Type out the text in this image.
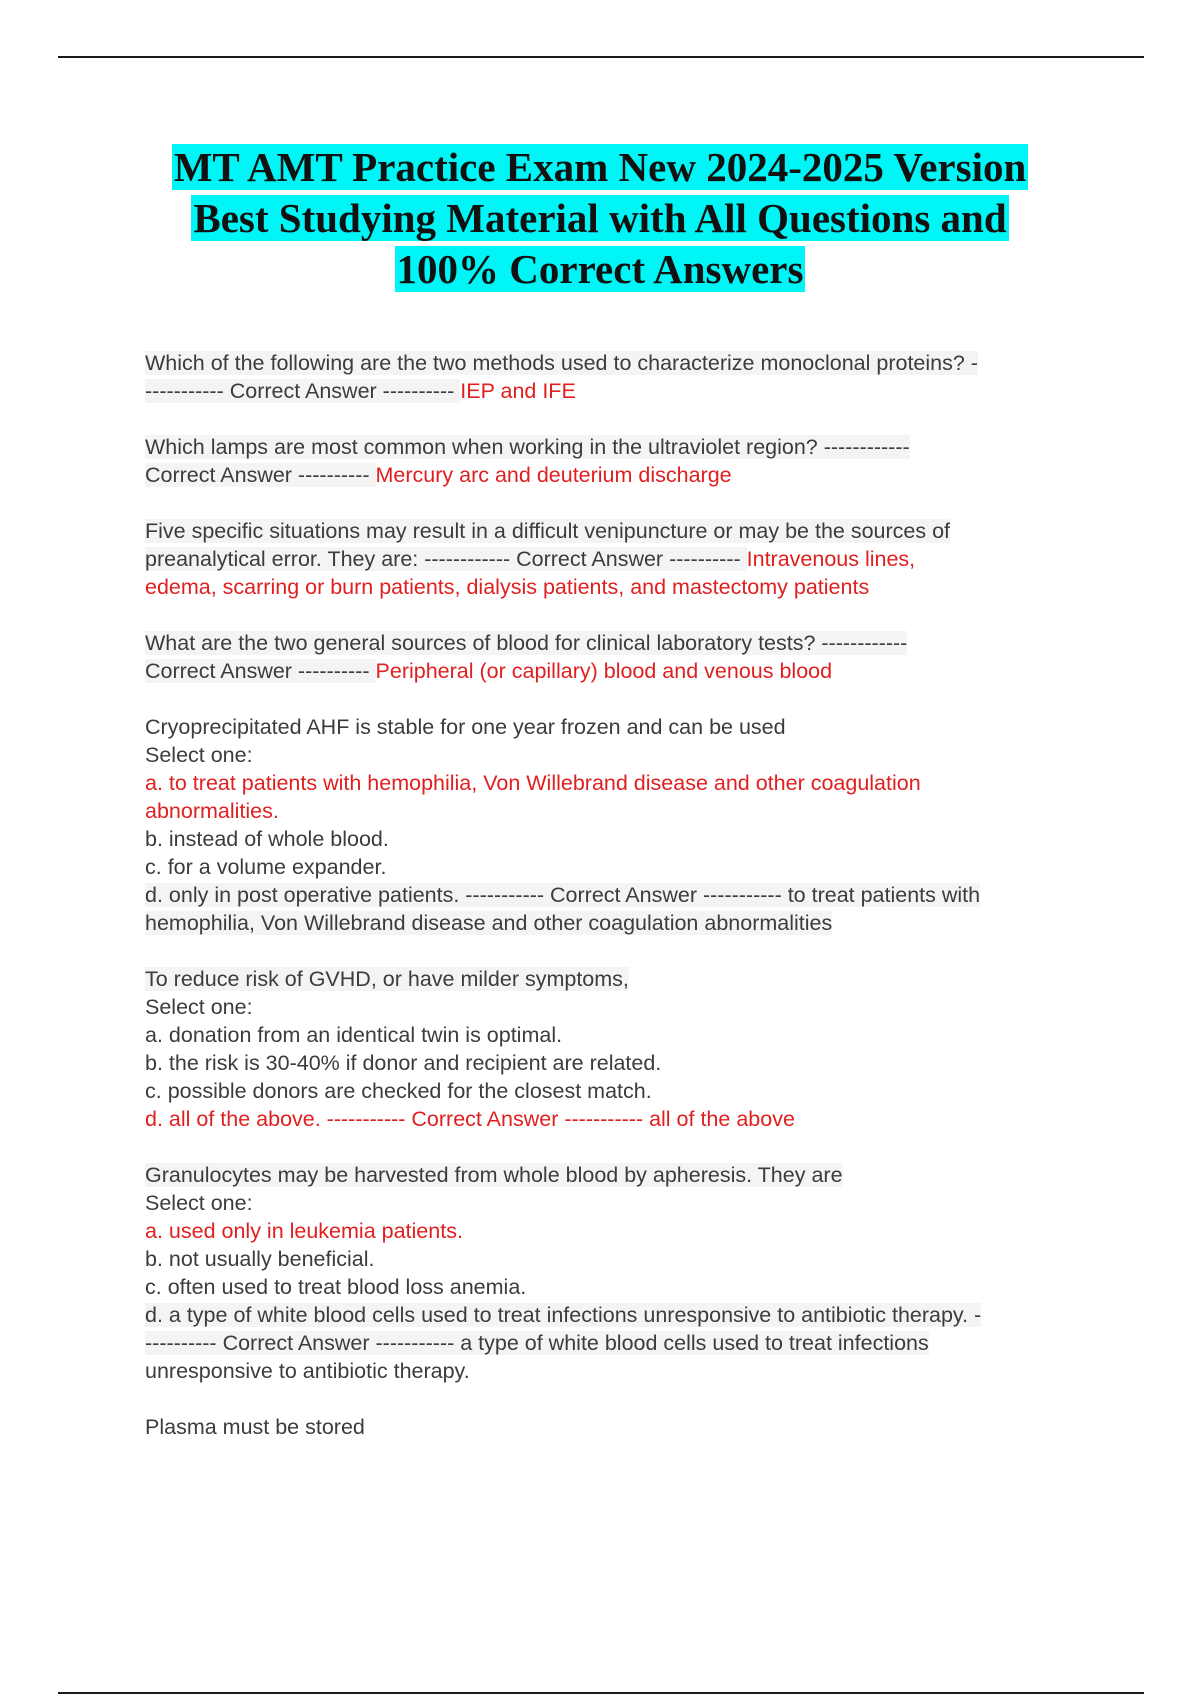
MT AMT Practice Exam New 2024-2025 Version
Best Studying Material with All Questions and
100% Correct Answers
Which of the following are the two methods used to characterize monoclonal proteins? -
----------- Correct Answer ---------- IEP and IFE
Which lamps are most common when working in the ultraviolet region? ------------
Correct Answer ---------- Mercury arc and deuterium discharge
Five specific situations may result in a difficult venipuncture or may be the sources of
preanalytical error. They are: ------------ Correct Answer ---------- Intravenous lines,
edema, scarring or burn patients, dialysis patients, and mastectomy patients
What are the two general sources of blood for clinical laboratory tests? ------------
Correct Answer ---------- Peripheral (or capillary) blood and venous blood
Cryoprecipitated AHF is stable for one year frozen and can be used
Select one:
a. to treat patients with hemophilia, Von Willebrand disease and other coagulation
abnormalities.
b. instead of whole blood.
c. for a volume expander.
d. only in post operative patients. ----------- Correct Answer ----------- to treat patients with
hemophilia, Von Willebrand disease and other coagulation abnormalities
To reduce risk of GVHD, or have milder symptoms,
Select one:
a. donation from an identical twin is optimal.
b. the risk is 30-40% if donor and recipient are related.
c. possible donors are checked for the closest match.
d. all of the above. ----------- Correct Answer ----------- all of the above
Granulocytes may be harvested from whole blood by apheresis. They are
Select one:
a. used only in leukemia patients.
b. not usually beneficial.
c. often used to treat blood loss anemia.
d. a type of white blood cells used to treat infections unresponsive to antibiotic therapy. -
---------- Correct Answer ----------- a type of white blood cells used to treat infections
unresponsive to antibiotic therapy.
Plasma must be stored
